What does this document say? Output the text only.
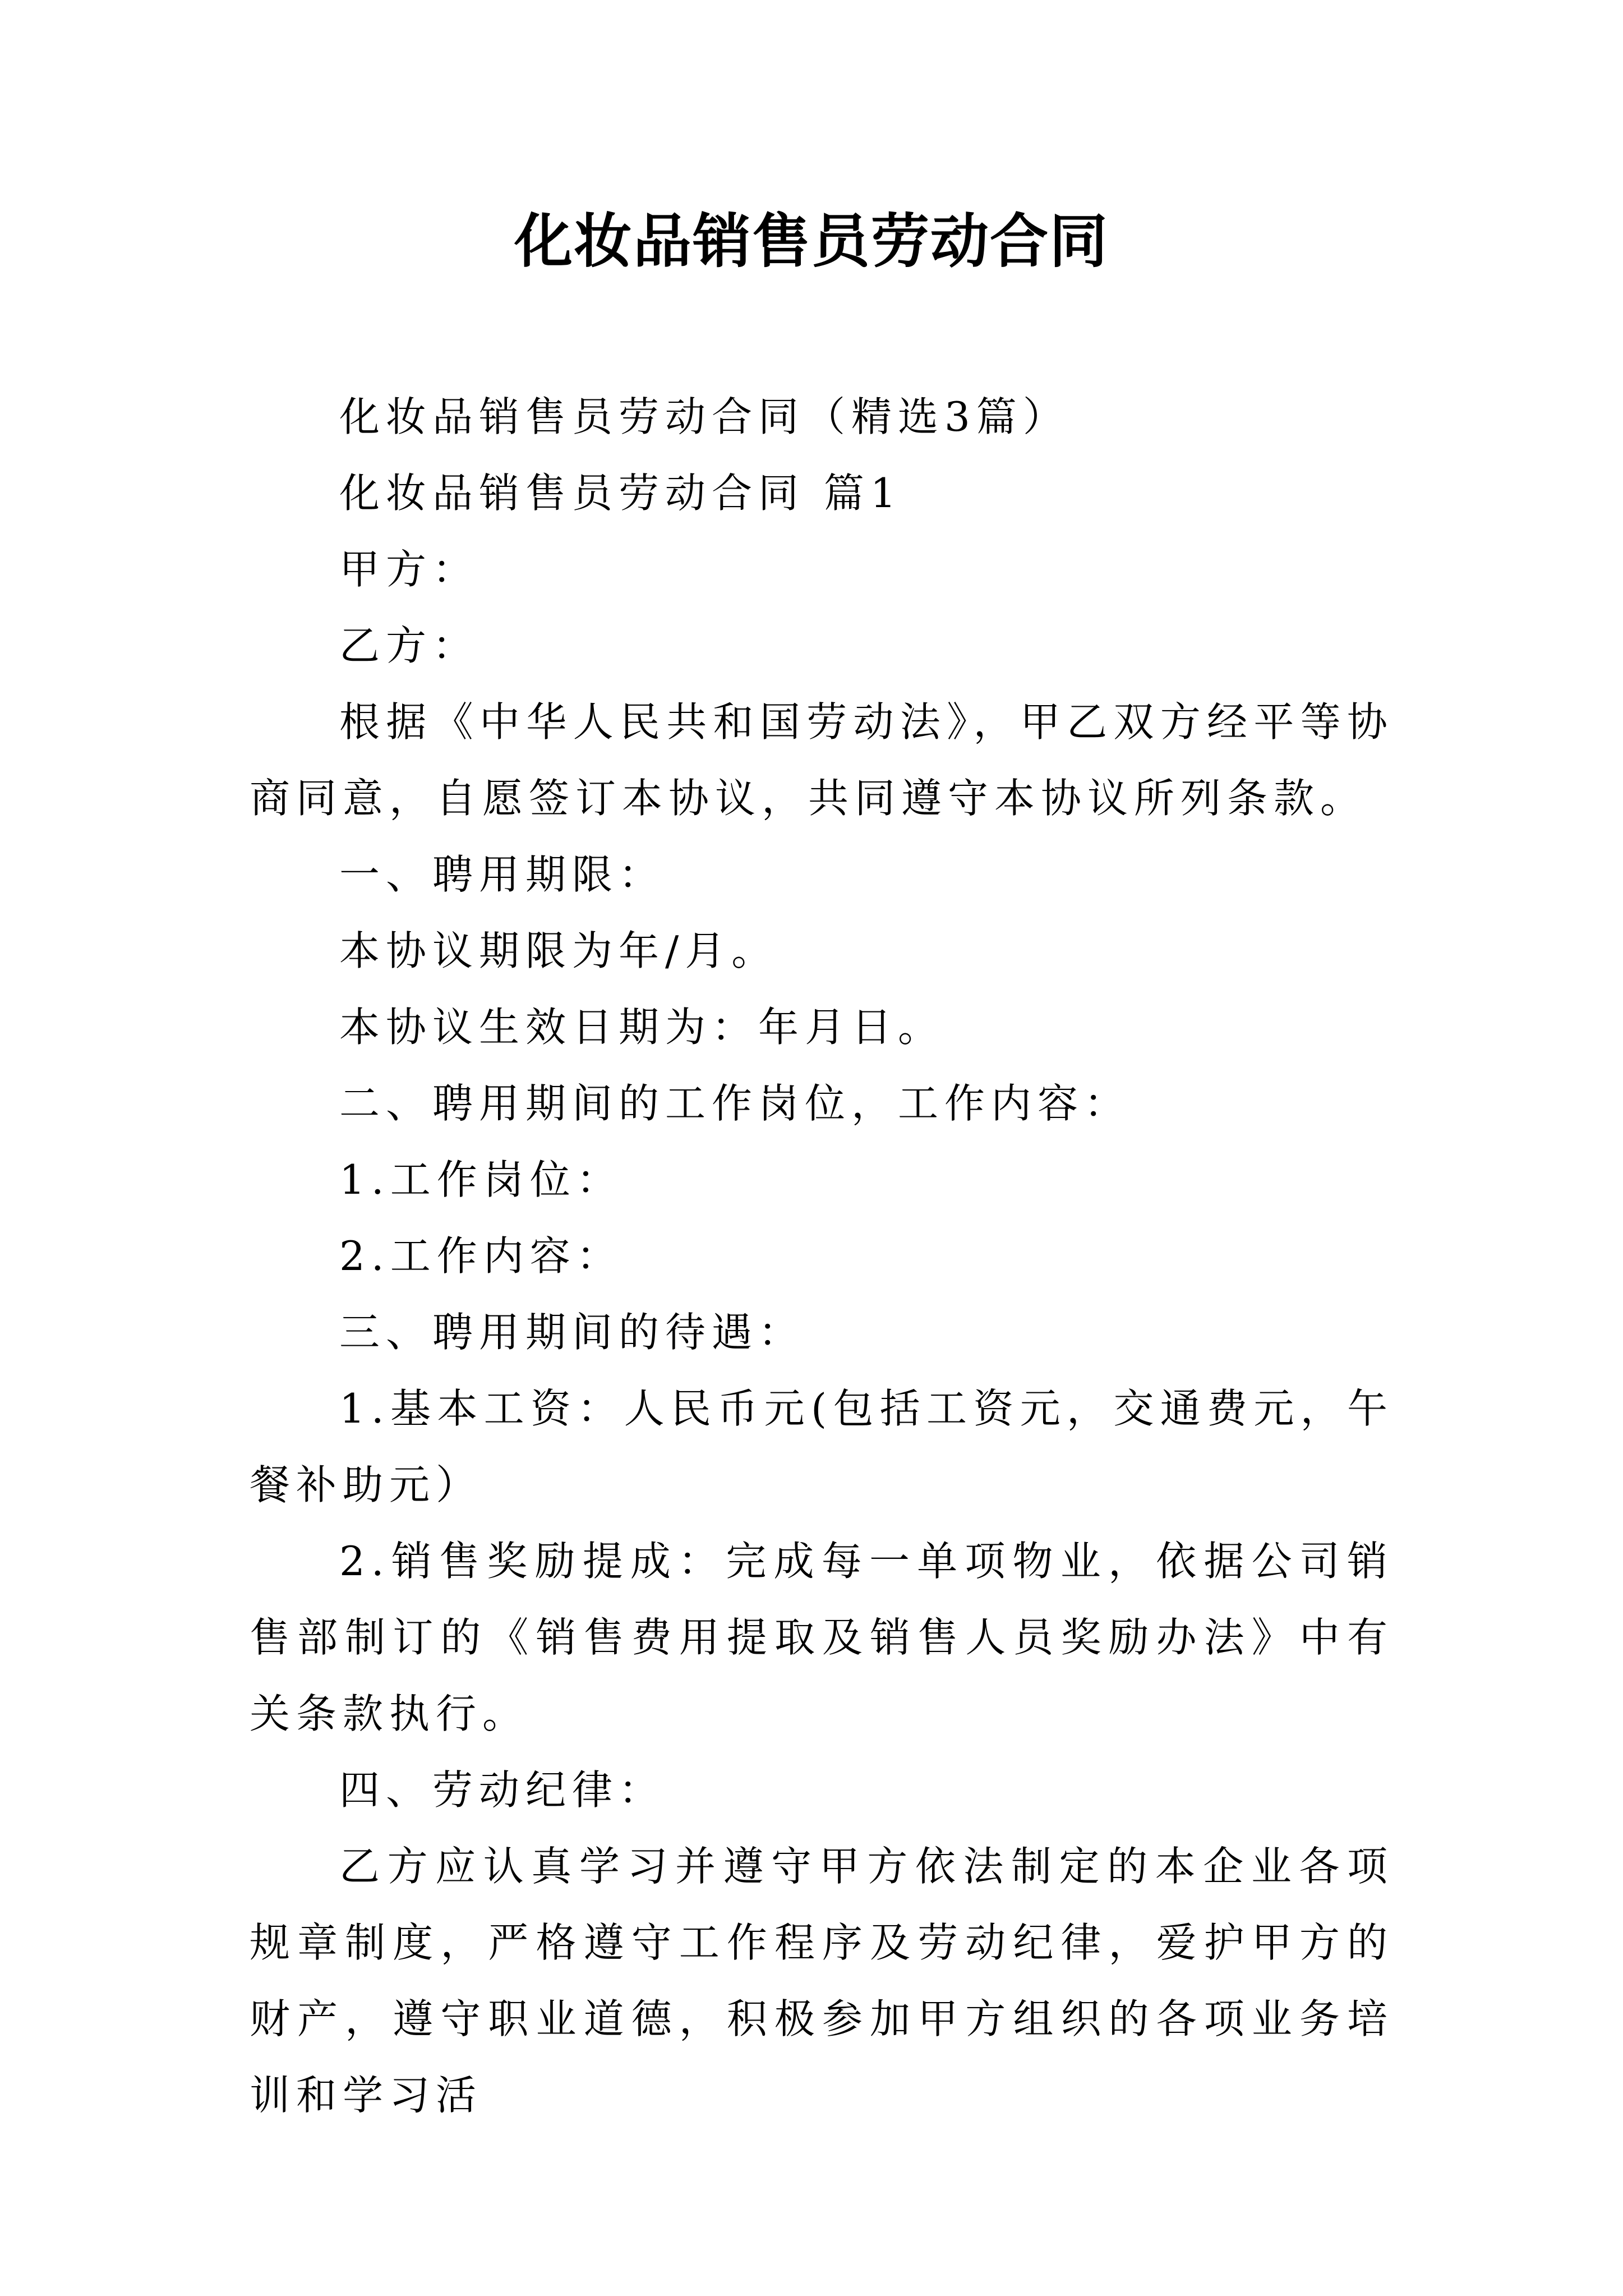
化妆品销售员劳动合同

化妆品销售员劳动合同（精选3篇）

化妆品销售员劳动合同 篇1

甲方：

乙方：

根据《中华人民共和国劳动法》，甲乙双方经平等协商同意，自愿签订本协议，共同遵守本协议所列条款。

一、聘用期限：

本协议期限为年/月。

本协议生效日期为：年月日。

二、聘用期间的工作岗位，工作内容：

1.工作岗位：

2.工作内容：

三、聘用期间的待遇：

1.基本工资：人民币元(包括工资元，交通费元，午餐补助元）

2.销售奖励提成：完成每一单项物业，依据公司销售部制订的《销售费用提取及销售人员奖励办法》中有关条款执行。

四、劳动纪律：

乙方应认真学习并遵守甲方依法制定的本企业各项规章制度，严格遵守工作程序及劳动纪律，爱护甲方的财产，遵守职业道德，积极参加甲方组织的各项业务培训和学习活
